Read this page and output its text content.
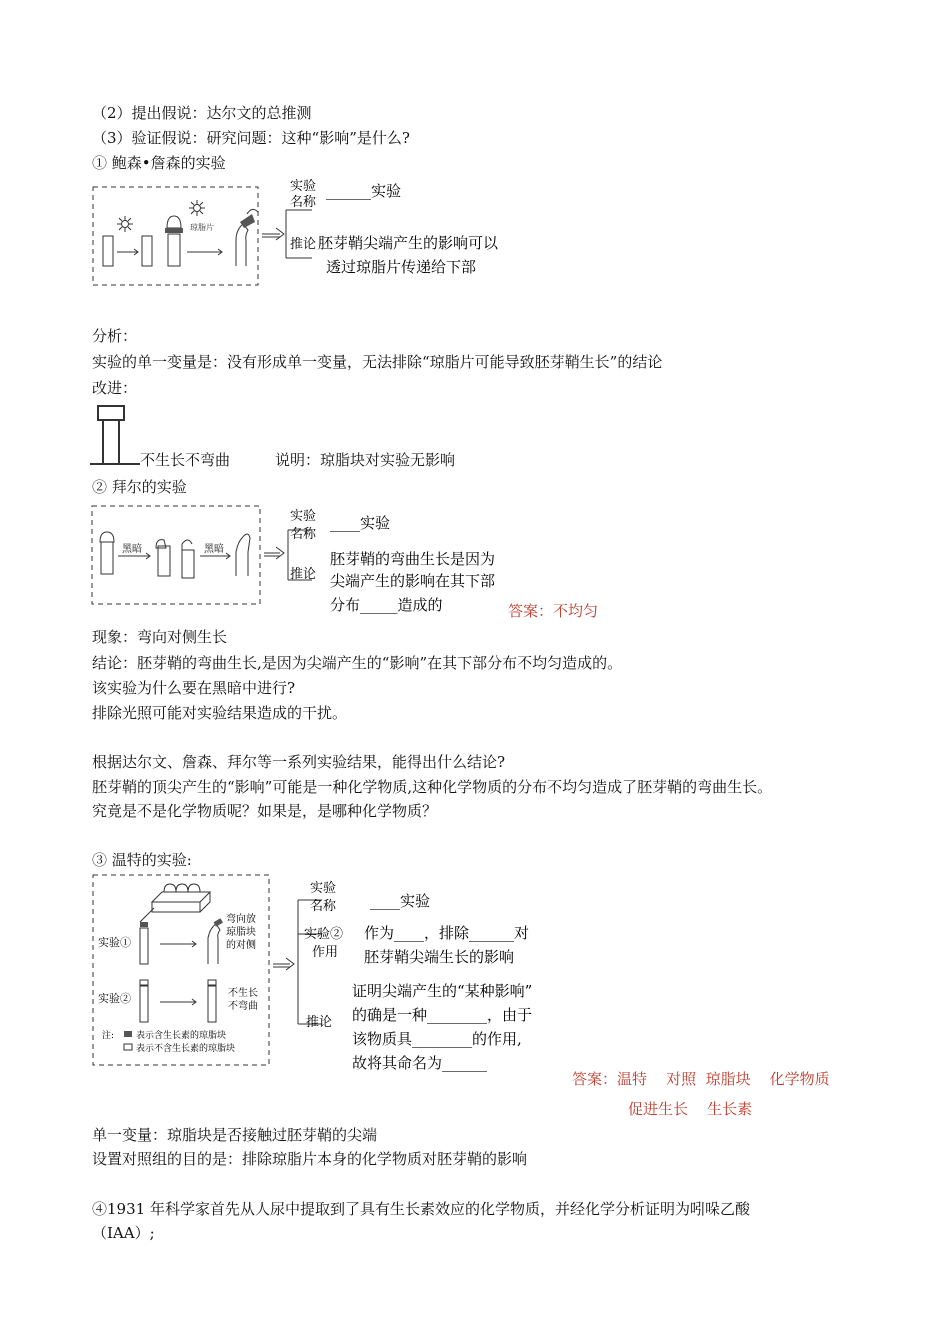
（2）提出假说：达尔文的总推测
（3）验证假说：研究问题：这种“影响”是什么?
① 鲍森•詹森的实验
琼脂片
实验
名称
______实验
推论 胚芽鞘尖端产生的影响可以
透过琼脂片传递给下部
分析：
实验的单一变量是：没有形成单一变量，无法排除“琼脂片可能导致胚芽鞘生长”的结论
改进：
不生长不弯曲	说明：琼脂块对实验无影响
② 拜尔的实验
黑暗	黑暗
实验
名称
____实验
胚芽鞘的弯曲生长是因为
推论 尖端产生的影响在其下部
分布_____造成的	答案：不均匀
现象：弯向对侧生长
结论：胚芽鞘的弯曲生长,是因为尖端产生的“影响”在其下部分布不均匀造成的。
该实验为什么要在黑暗中进行?
排除光照可能对实验结果造成的干扰。
根据达尔文、詹森、拜尔等一系列实验结果，能得出什么结论?
胚芽鞘的顶尖产生的“影响”可能是一种化学物质,这种化学物质的分布不均匀造成了胚芽鞘的弯曲生长。
究竟是不是化学物质呢？如果是，是哪种化学物质？
③ 温特的实验:
实验①
弯向放
琼脂块
的对侧
实验②	不生长
不弯曲
注: 表示含生长素的琼脂块
表示不含生长素的琼脂块
实验
名称 ____实验
实验②
作用
作为____，排除______对
胚芽鞘尖端生长的影响
证明尖端产生的“某种影响”
的确是一种________，由于
推论
该物质具________的作用,
故将其命名为______
答案：温特    对照  琼脂块    化学物质
促进生长    生长素
单一变量：琼脂块是否接触过胚芽鞘的尖端
设置对照组的目的是：排除琼脂片本身的化学物质对胚芽鞘的影响
④1931 年科学家首先从人尿中提取到了具有生长素效应的化学物质，并经化学分析证明为吲哚乙酸
（IAA）;
